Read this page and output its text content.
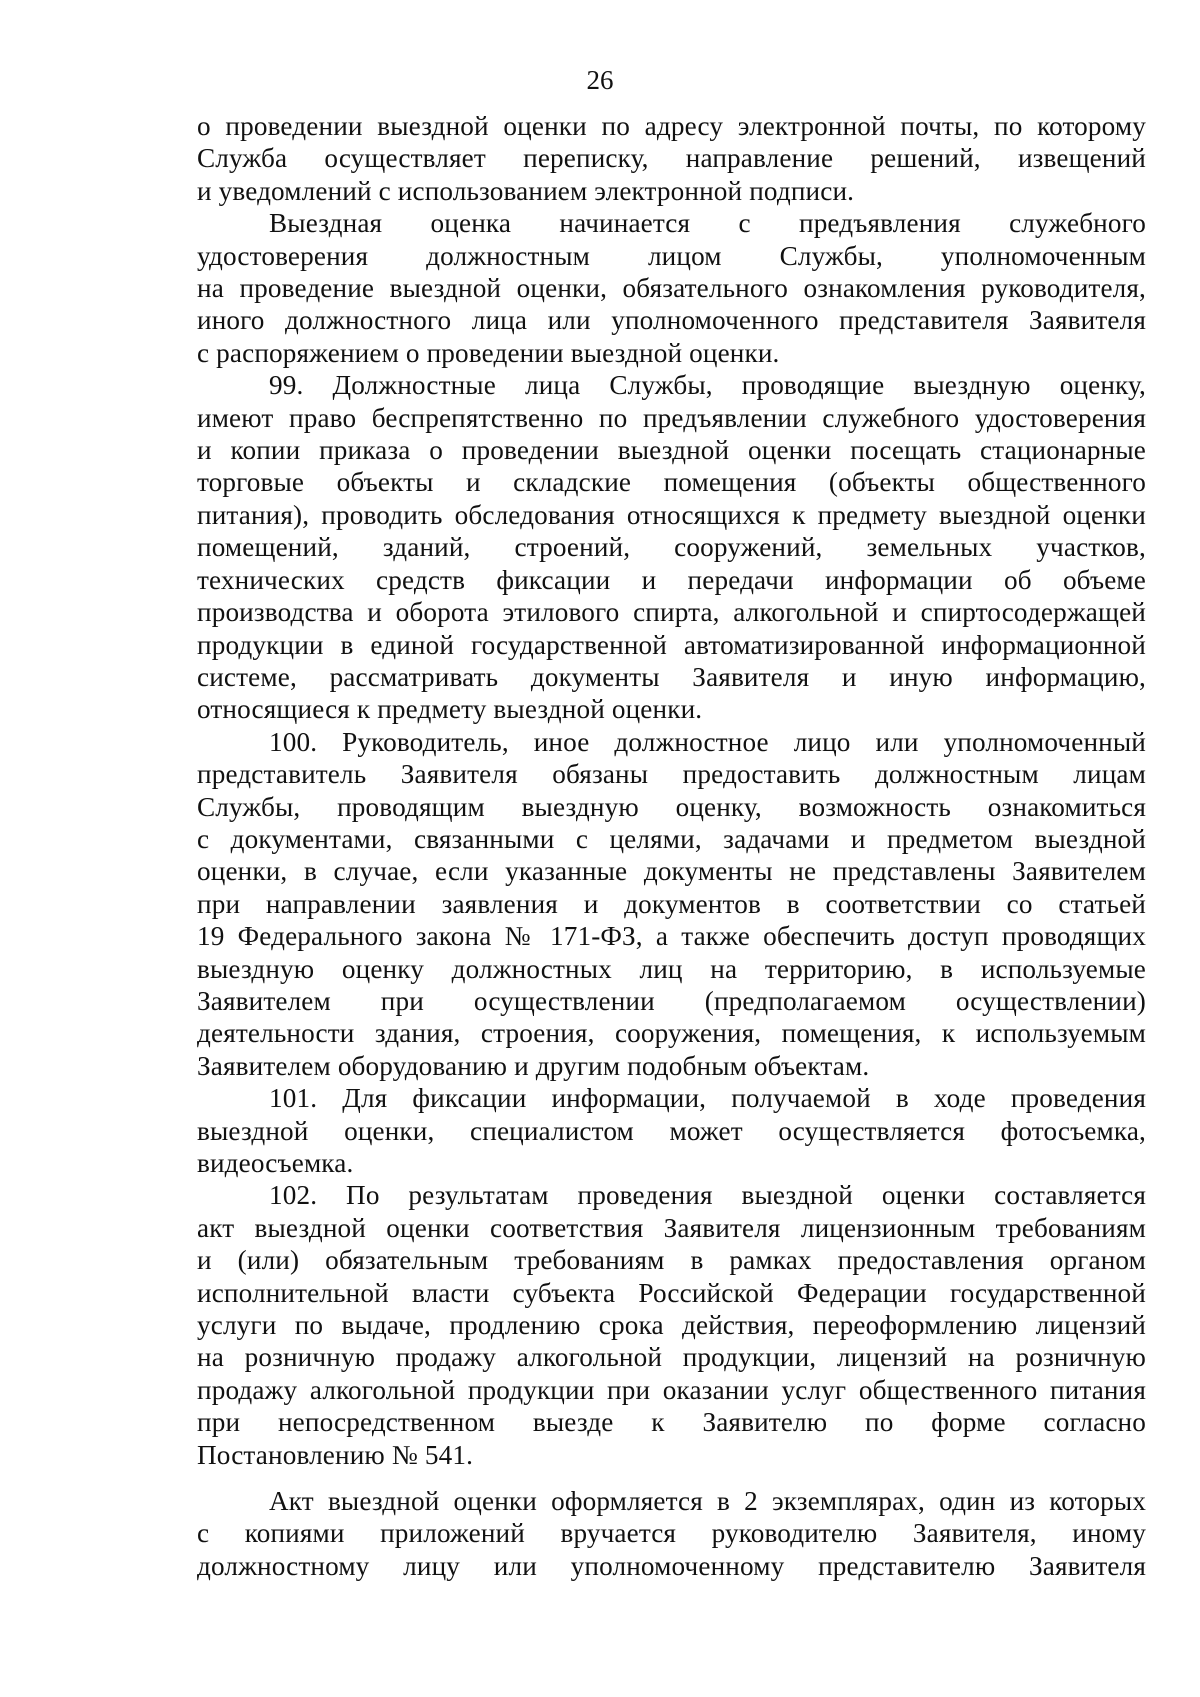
26

о проведении выездной оценки по адресу электронной почты, по которому

Служба осуществляет переписку, направление решений, извещений

и уведомлений с использованием электронной подписи.

Выездная оценка начинается с предъявления служебного

удостоверения должностным лицом Службы, уполномоченным

на проведение выездной оценки, обязательного ознакомления руководителя,

иного должностного лица или уполномоченного представителя Заявителя

с распоряжением о проведении выездной оценки.

99. Должностные лица Службы, проводящие выездную оценку,

имеют право беспрепятственно по предъявлении служебного удостоверения

и копии приказа о проведении выездной оценки посещать стационарные

торговые объекты и складские помещения (объекты общественного

питания), проводить обследования относящихся к предмету выездной оценки

помещений, зданий, строений, сооружений, земельных участков,

технических средств фиксации и передачи информации об объеме

производства и оборота этилового спирта, алкогольной и спиртосодержащей

продукции в единой государственной автоматизированной информационной

системе, рассматривать документы Заявителя и иную информацию,

относящиеся к предмету выездной оценки.

100. Руководитель, иное должностное лицо или уполномоченный

представитель Заявителя обязаны предоставить должностным лицам

Службы, проводящим выездную оценку, возможность ознакомиться

с документами, связанными с целями, задачами и предметом выездной

оценки, в случае, если указанные документы не представлены Заявителем

при направлении заявления и документов в соответствии со статьей

19 Федерального закона № 171-ФЗ, а также обеспечить доступ проводящих

выездную оценку должностных лиц на территорию, в используемые

Заявителем при осуществлении (предполагаемом осуществлении)

деятельности здания, строения, сооружения, помещения, к используемым

Заявителем оборудованию и другим подобным объектам.

101. Для фиксации информации, получаемой в ходе проведения

выездной оценки, специалистом может осуществляется фотосъемка,

видеосъемка.

102. По результатам проведения выездной оценки составляется

акт выездной оценки соответствия Заявителя лицензионным требованиям

и (или) обязательным требованиям в рамках предоставления органом

исполнительной власти субъекта Российской Федерации государственной

услуги по выдаче, продлению срока действия, переоформлению лицензий

на розничную продажу алкогольной продукции, лицензий на розничную

продажу алкогольной продукции при оказании услуг общественного питания

при непосредственном выезде к Заявителю по форме согласно

Постановлению № 541.

Акт выездной оценки оформляется в 2 экземплярах, один из которых

с копиями приложений вручается руководителю Заявителя, иному

должностному лицу или уполномоченному представителю Заявителя
